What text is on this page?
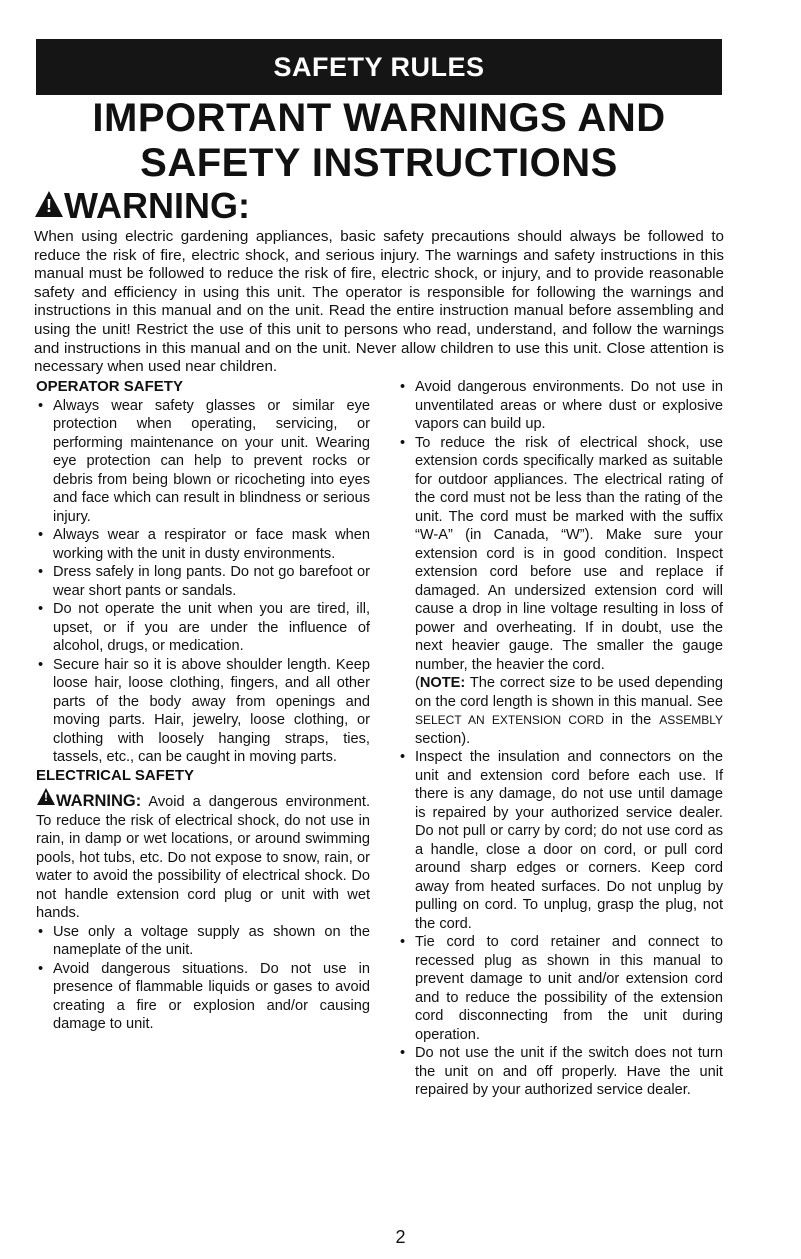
SAFETY RULES
IMPORTANT WARNINGS AND
SAFETY INSTRUCTIONS
! WARNING:

When using electric gardening appliances, basic safety precautions should always be followed to reduce the risk of fire, electric shock, and serious injury. The warnings and safety instructions in this manual must be followed to reduce the risk of fire, electric shock, or injury, and to provide reasonable safety and efficiency in using this unit. The operator is responsible for following the warnings and instructions in this manual and on the unit. Read the entire instruction manual before assembling and using the unit! Restrict the use of this unit to persons who read, understand, and follow the warnings and instructions in this manual and on the unit. Never allow children to use this unit. Close attention is necessary when used near children.

OPERATOR SAFETY
• Always wear safety glasses or similar eye protection when operating, servicing, or performing maintenance on your unit. Wearing eye protection can help to prevent rocks or debris from being blown or ricocheting into eyes and face which can result in blindness or serious injury.
• Always wear a respirator or face mask when working with the unit in dusty environments.
• Dress safely in long pants. Do not go barefoot or wear short pants or sandals.
• Do not operate the unit when you are tired, ill, upset, or if you are under the influence of alcohol, drugs, or medication.
• Secure hair so it is above shoulder length. Keep loose hair, loose clothing, fingers, and all other parts of the body away from openings and moving parts. Hair, jewelry, loose clothing, or clothing with loosely hanging straps, ties, tassels, etc., can be caught in moving parts.
ELECTRICAL SAFETY

! WARNING: Avoid a dangerous environment. To reduce the risk of electrical shock, do not use in rain, in damp or wet locations, or around swimming pools, hot tubs, etc. Do not expose to snow, rain, or water to avoid the possibility of electrical shock. Do not handle extension cord plug or unit with wet hands.

• Use only a voltage supply as shown on the nameplate of the unit.
• Avoid dangerous situations. Do not use in presence of flammable liquids or gases to avoid creating a fire or explosion and/or causing damage to unit.
• Avoid dangerous environments. Do not use in unventilated areas or where dust or explosive vapors can build up.
• To reduce the risk of electrical shock, use extension cords specifically marked as suitable for outdoor appliances. The electrical rating of the cord must not be less than the rating of the unit. The cord must be marked with the suffix “W-A” (in Canada, “W”). Make sure your extension cord is in good condition. Inspect extension cord before use and replace if damaged. An undersized extension cord will cause a drop in line voltage resulting in loss of power and overheating. If in doubt, use the next heavier gauge. The smaller the gauge number, the heavier the cord.

(NOTE: The correct size to be used depending on the cord length is shown in this manual. See SELECT AN EXTENSION CORD in the ASSEMBLY section).

• Inspect the insulation and connectors on the unit and extension cord before each use. If there is any damage, do not use until damage is repaired by your authorized service dealer. Do not pull or carry by cord; do not use cord as a handle, close a door on cord, or pull cord around sharp edges or corners. Keep cord away from heated surfaces. Do not unplug by pulling on cord. To unplug, grasp the plug, not the cord.
• Tie cord to cord retainer and connect to recessed plug as shown in this manual to prevent damage to unit and/or extension cord and to reduce the possibility of the extension cord disconnecting from the unit during operation.
• Do not use the unit if the switch does not turn the unit on and off properly. Have the unit repaired by your authorized service dealer.
2
